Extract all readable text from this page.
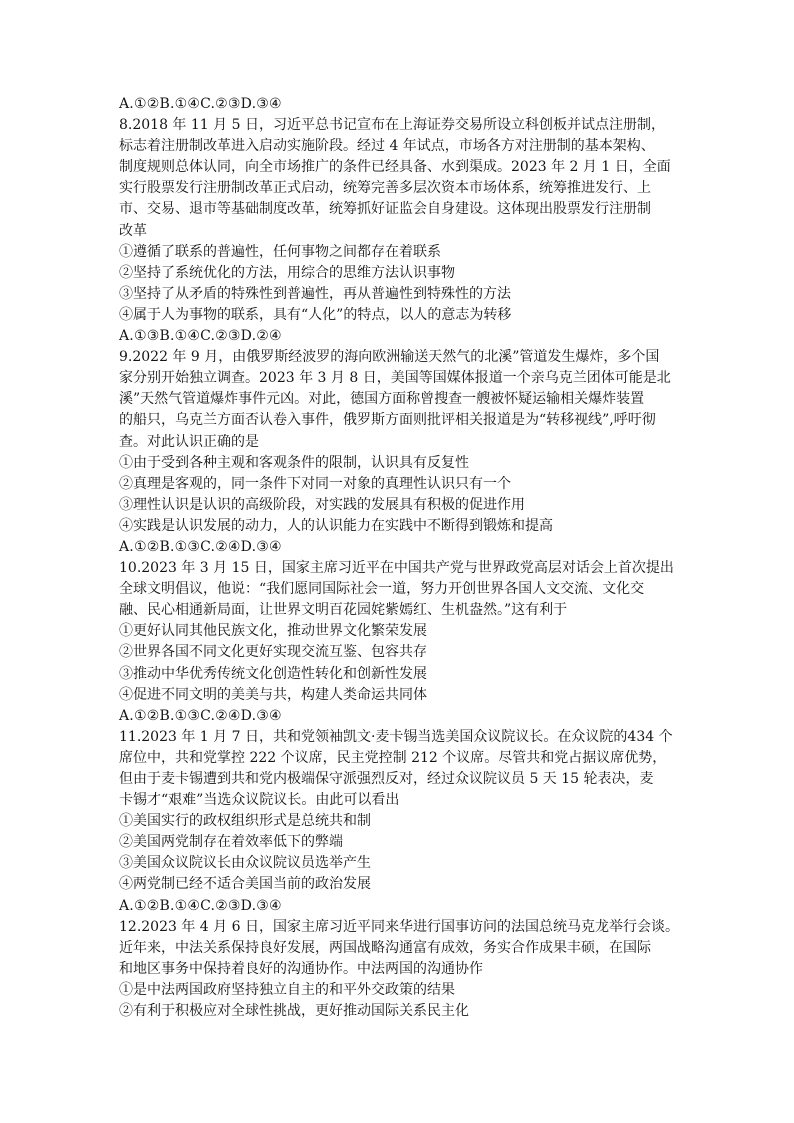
A.①②B.①④C.②③D.③④
8.2018 年 11 月 5 日，习近平总书记宣布在上海证券交易所设立科创板并试点注册制，
标志着注册制改革进入启动实施阶段。经过 4 年试点，市场各方对注册制的基本架构、
制度规则总体认同，向全市场推广的条件已经具备、水到渠成。2023 年 2 月 1 日，全面
实行股票发行注册制改革正式启动，统筹完善多层次资本市场体系，统筹推进发行、上
市、交易、退市等基础制度改革，统筹抓好证监会自身建设。这体现出股票发行注册制
改革
①遵循了联系的普遍性，任何事物之间都存在着联系
②坚持了系统优化的方法，用综合的思维方法认识事物
③坚持了从矛盾的特殊性到普遍性，再从普遍性到特殊性的方法
④属于人为事物的联系，具有“人化”的特点，以人的意志为转移
A.①③B.①④C.②③D.②④
9.2022 年 9 月，由俄罗斯经波罗的海向欧洲输送天然气的北溪”管道发生爆炸，多个国
家分别开始独立调查。2023 年 3 月 8 日，美国等国媒体报道一个亲乌克兰团体可能是北
溪”天然气管道爆炸事件元凶。对此，德国方面称曾搜查一艘被怀疑运输相关爆炸装置
的船只，乌克兰方面否认卷入事件，俄罗斯方面则批评相关报道是为“转移视线”,呼吁彻
查。对此认识正确的是
①由于受到各种主观和客观条件的限制，认识具有反复性
②真理是客观的，同一条件下对同一对象的真理性认识只有一个
③理性认识是认识的高级阶段，对实践的发展具有积极的促进作用
④实践是认识发展的动力，人的认识能力在实践中不断得到锻炼和提高
A.①②B.①③C.②④D.③④
10.2023 年 3 月 15 日，国家主席习近平在中国共产党与世界政党高层对话会上首次提出
全球文明倡议，他说：“我们愿同国际社会一道，努力开创世界各国人文交流、文化交
融、民心相通新局面，让世界文明百花园姹紫嫣红、生机盎然。”这有利于
①更好认同其他民族文化，推动世界文化繁荣发展
②世界各国不同文化更好实现交流互鉴、包容共存
③推动中华优秀传统文化创造性转化和创新性发展
④促进不同文明的美美与共，构建人类命运共同体
A.①②B.①③C.②④D.③④
11.2023 年 1 月 7 日，共和党领袖凯文·麦卡锡当选美国众议院议长。在众议院的434 个
席位中，共和党掌控 222 个议席，民主党控制 212 个议席。尽管共和党占据议席优势，
但由于麦卡锡遭到共和党内极端保守派强烈反对，经过众议院议员 5 天 15 轮表决，麦
卡锡才“艰难”当选众议院议长。由此可以看出
①美国实行的政权组织形式是总统共和制
②美国两党制存在着效率低下的弊端
③美国众议院议长由众议院议员选举产生
④两党制已经不适合美国当前的政治发展
A.①②B.①④C.②③D.③④
12.2023 年 4 月 6 日，国家主席习近平同来华进行国事访问的法国总统马克龙举行会谈。
近年来，中法关系保持良好发展，两国战略沟通富有成效，务实合作成果丰硕，在国际
和地区事务中保持着良好的沟通协作。中法两国的沟通协作
①是中法两国政府坚持独立自主的和平外交政策的结果
②有利于积极应对全球性挑战，更好推动国际关系民主化
